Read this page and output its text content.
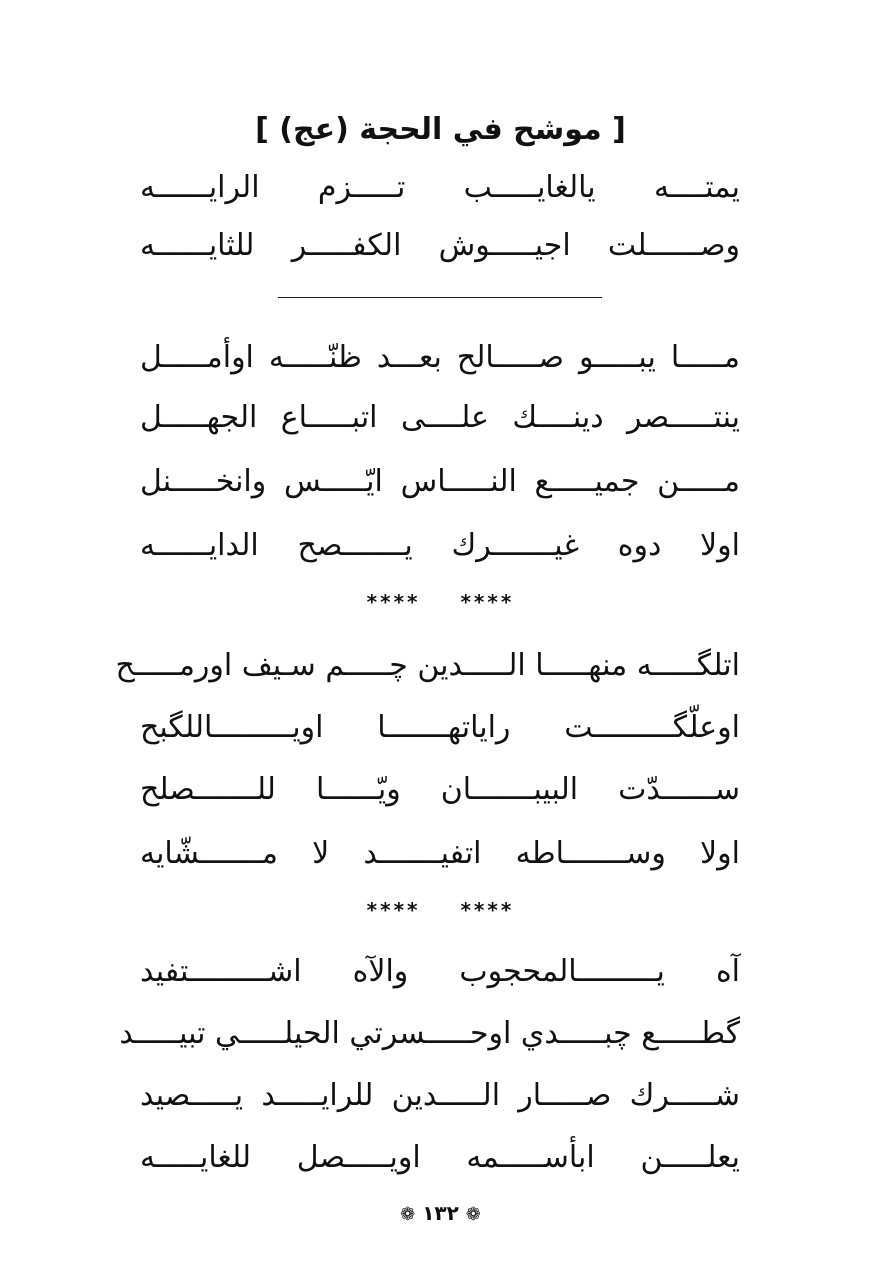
[ موشح في الحجة (عج) ]
يمتــــه يالغايـــــب تـــــزم الرايــــــه
وصــــــلت اجيـــــوش الكفـــــر للثايــــــه
مـــــا يبـــــو صـــــالح بعـــد ظنّـــــه اوأمـــــل
ينتـــــصر دينــــك علــــى اتبـــــاع الجهـــــل
مـــــن جميـــــع النـــــاس ايّـــــس وانخـــــنل
اولا دوه غيـــــــرك يـــــــصح الدايــــــه
**** ****
اتلگـــــه منهـــــا الـــــدين چـــــم سـيف اورمـــــح
اوعلّگـــــــــت راياتهـــــــا اويـــــــــاللگبح
ســــــدّت البيبـــــــان ويّــــــا للـــــــصلح
اولا وســـــــاطه اتفيـــــــد لا مـــــــشّايه
**** ****
آه يـــــــــالمحجوب والآه اشـــــــــتفيد
گطـــــع چبـــــدي اوحـــــسرتي الحيلـــــي تبيـــــد
شـــــرك صـــــار الـــــدين للرايـــــد يـــــصيد
يعلـــــن ابأســـــمه اويـــــصل للغايـــــه
❁ ١٣٢ ❁
